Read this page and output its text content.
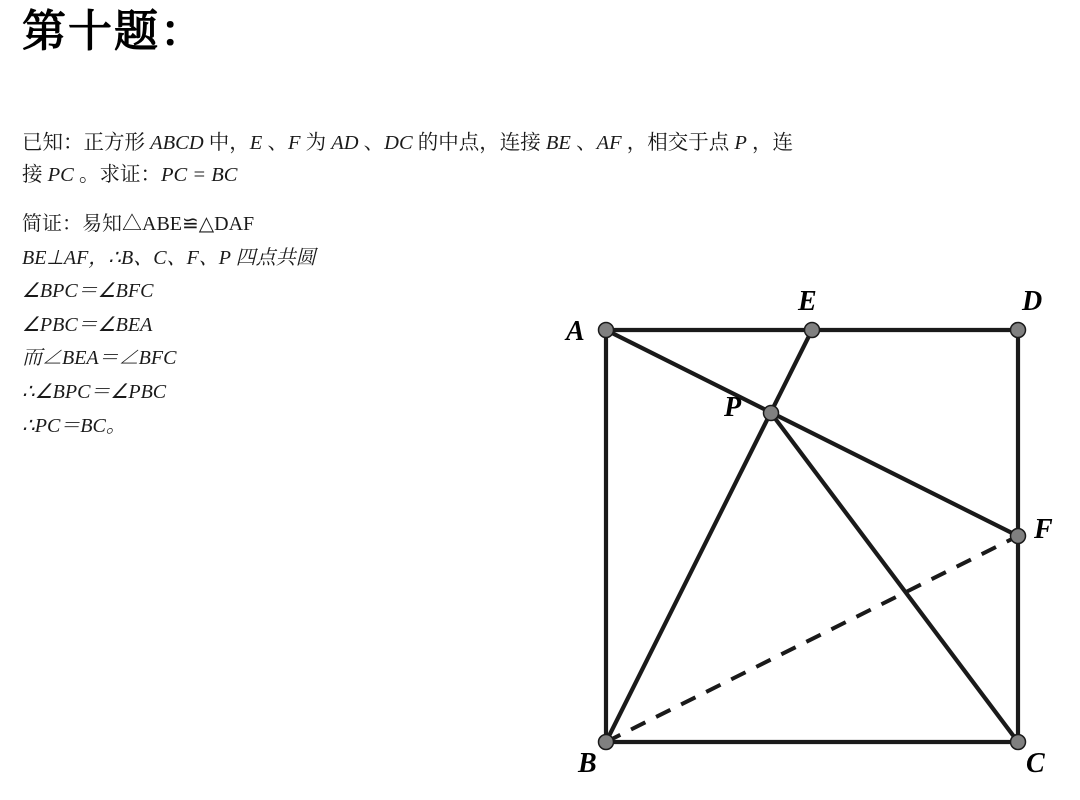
第十题：
已知：正方形 ABCD 中，E 、F 为 AD 、DC 的中点，连接 BE 、AF ，相交于点 P ，连
接 PC 。求证：PC = BC
简证：易知△ABE≌△DAF
BE⊥AF，∴B、C、F、P 四点共圆
∠BPC＝∠BFC
∠PBC＝∠BEA
而∠BEA＝∠BFC
∴∠BPC＝∠PBC
∴PC＝BC。
A
B	C
D
E
F
P
